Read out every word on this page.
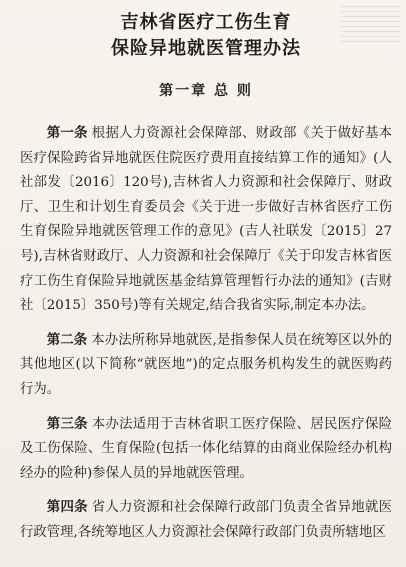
吉林省医疗工伤生育
保险异地就医管理办法
第一章 总 则

第一条 根据人力资源社会保障部、财政部《关于做好基本医疗保险跨省异地就医住院医疗费用直接结算工作的通知》(人社部发〔2016〕120号),吉林省人力资源和社会保障厅、财政厅、卫生和计划生育委员会《关于进一步做好吉林省医疗工伤生育保险异地就医管理工作的意见》(吉人社联发〔2015〕27号),吉林省财政厅、人力资源和社会保障厅《关于印发吉林省医疗工伤生育保险异地就医基金结算管理暂行办法的通知》(吉财社〔2015〕350号)等有关规定,结合我省实际,制定本办法。

第二条 本办法所称异地就医,是指参保人员在统筹区以外的其他地区(以下简称“就医地”)的定点服务机构发生的就医购药行为。

第三条 本办法适用于吉林省职工医疗保险、居民医疗保险及工伤保险、生育保险(包括一体化结算的由商业保险经办机构经办的险种)参保人员的异地就医管理。

第四条 省人力资源和社会保障行政部门负责全省异地就医行政管理,各统筹地区人力资源社会保障行政部门负责所辖地区
